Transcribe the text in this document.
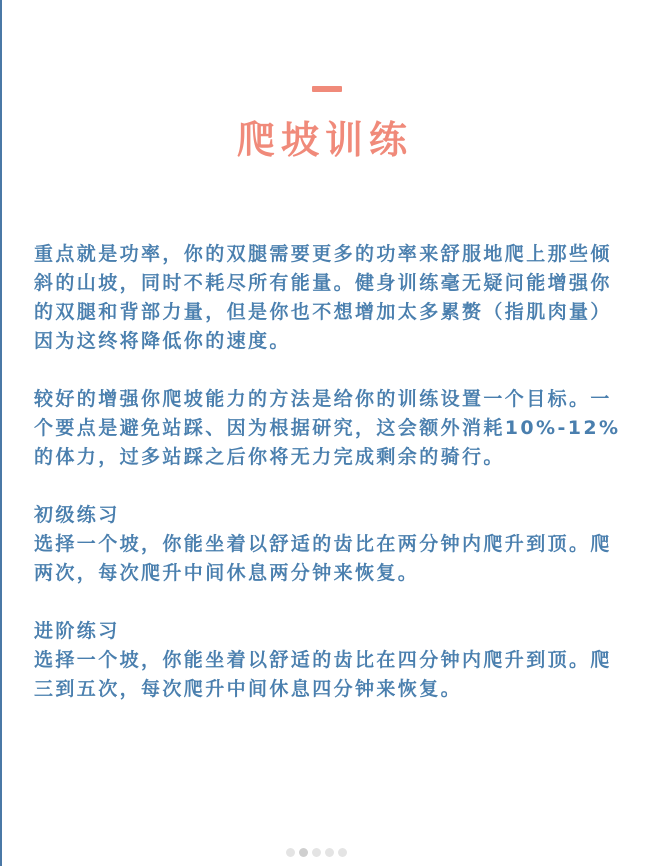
爬坡训练

重点就是功率，你的双腿需要更多的功率来舒服地爬上那些倾斜的山坡，同时不耗尽所有能量。健身训练毫无疑问能增强你的双腿和背部力量，但是你也不想增加太多累赘（指肌肉量）因为这终将降低你的速度。

较好的增强你爬坡能力的方法是给你的训练设置一个目标。一个要点是避免站踩、因为根据研究，这会额外消耗10%-12%的体力，过多站踩之后你将无力完成剩余的骑行。

初级练习

选择一个坡，你能坐着以舒适的齿比在两分钟内爬升到顶。爬两次，每次爬升中间休息两分钟来恢复。

进阶练习

选择一个坡，你能坐着以舒适的齿比在四分钟内爬升到顶。爬三到五次，每次爬升中间休息四分钟来恢复。
